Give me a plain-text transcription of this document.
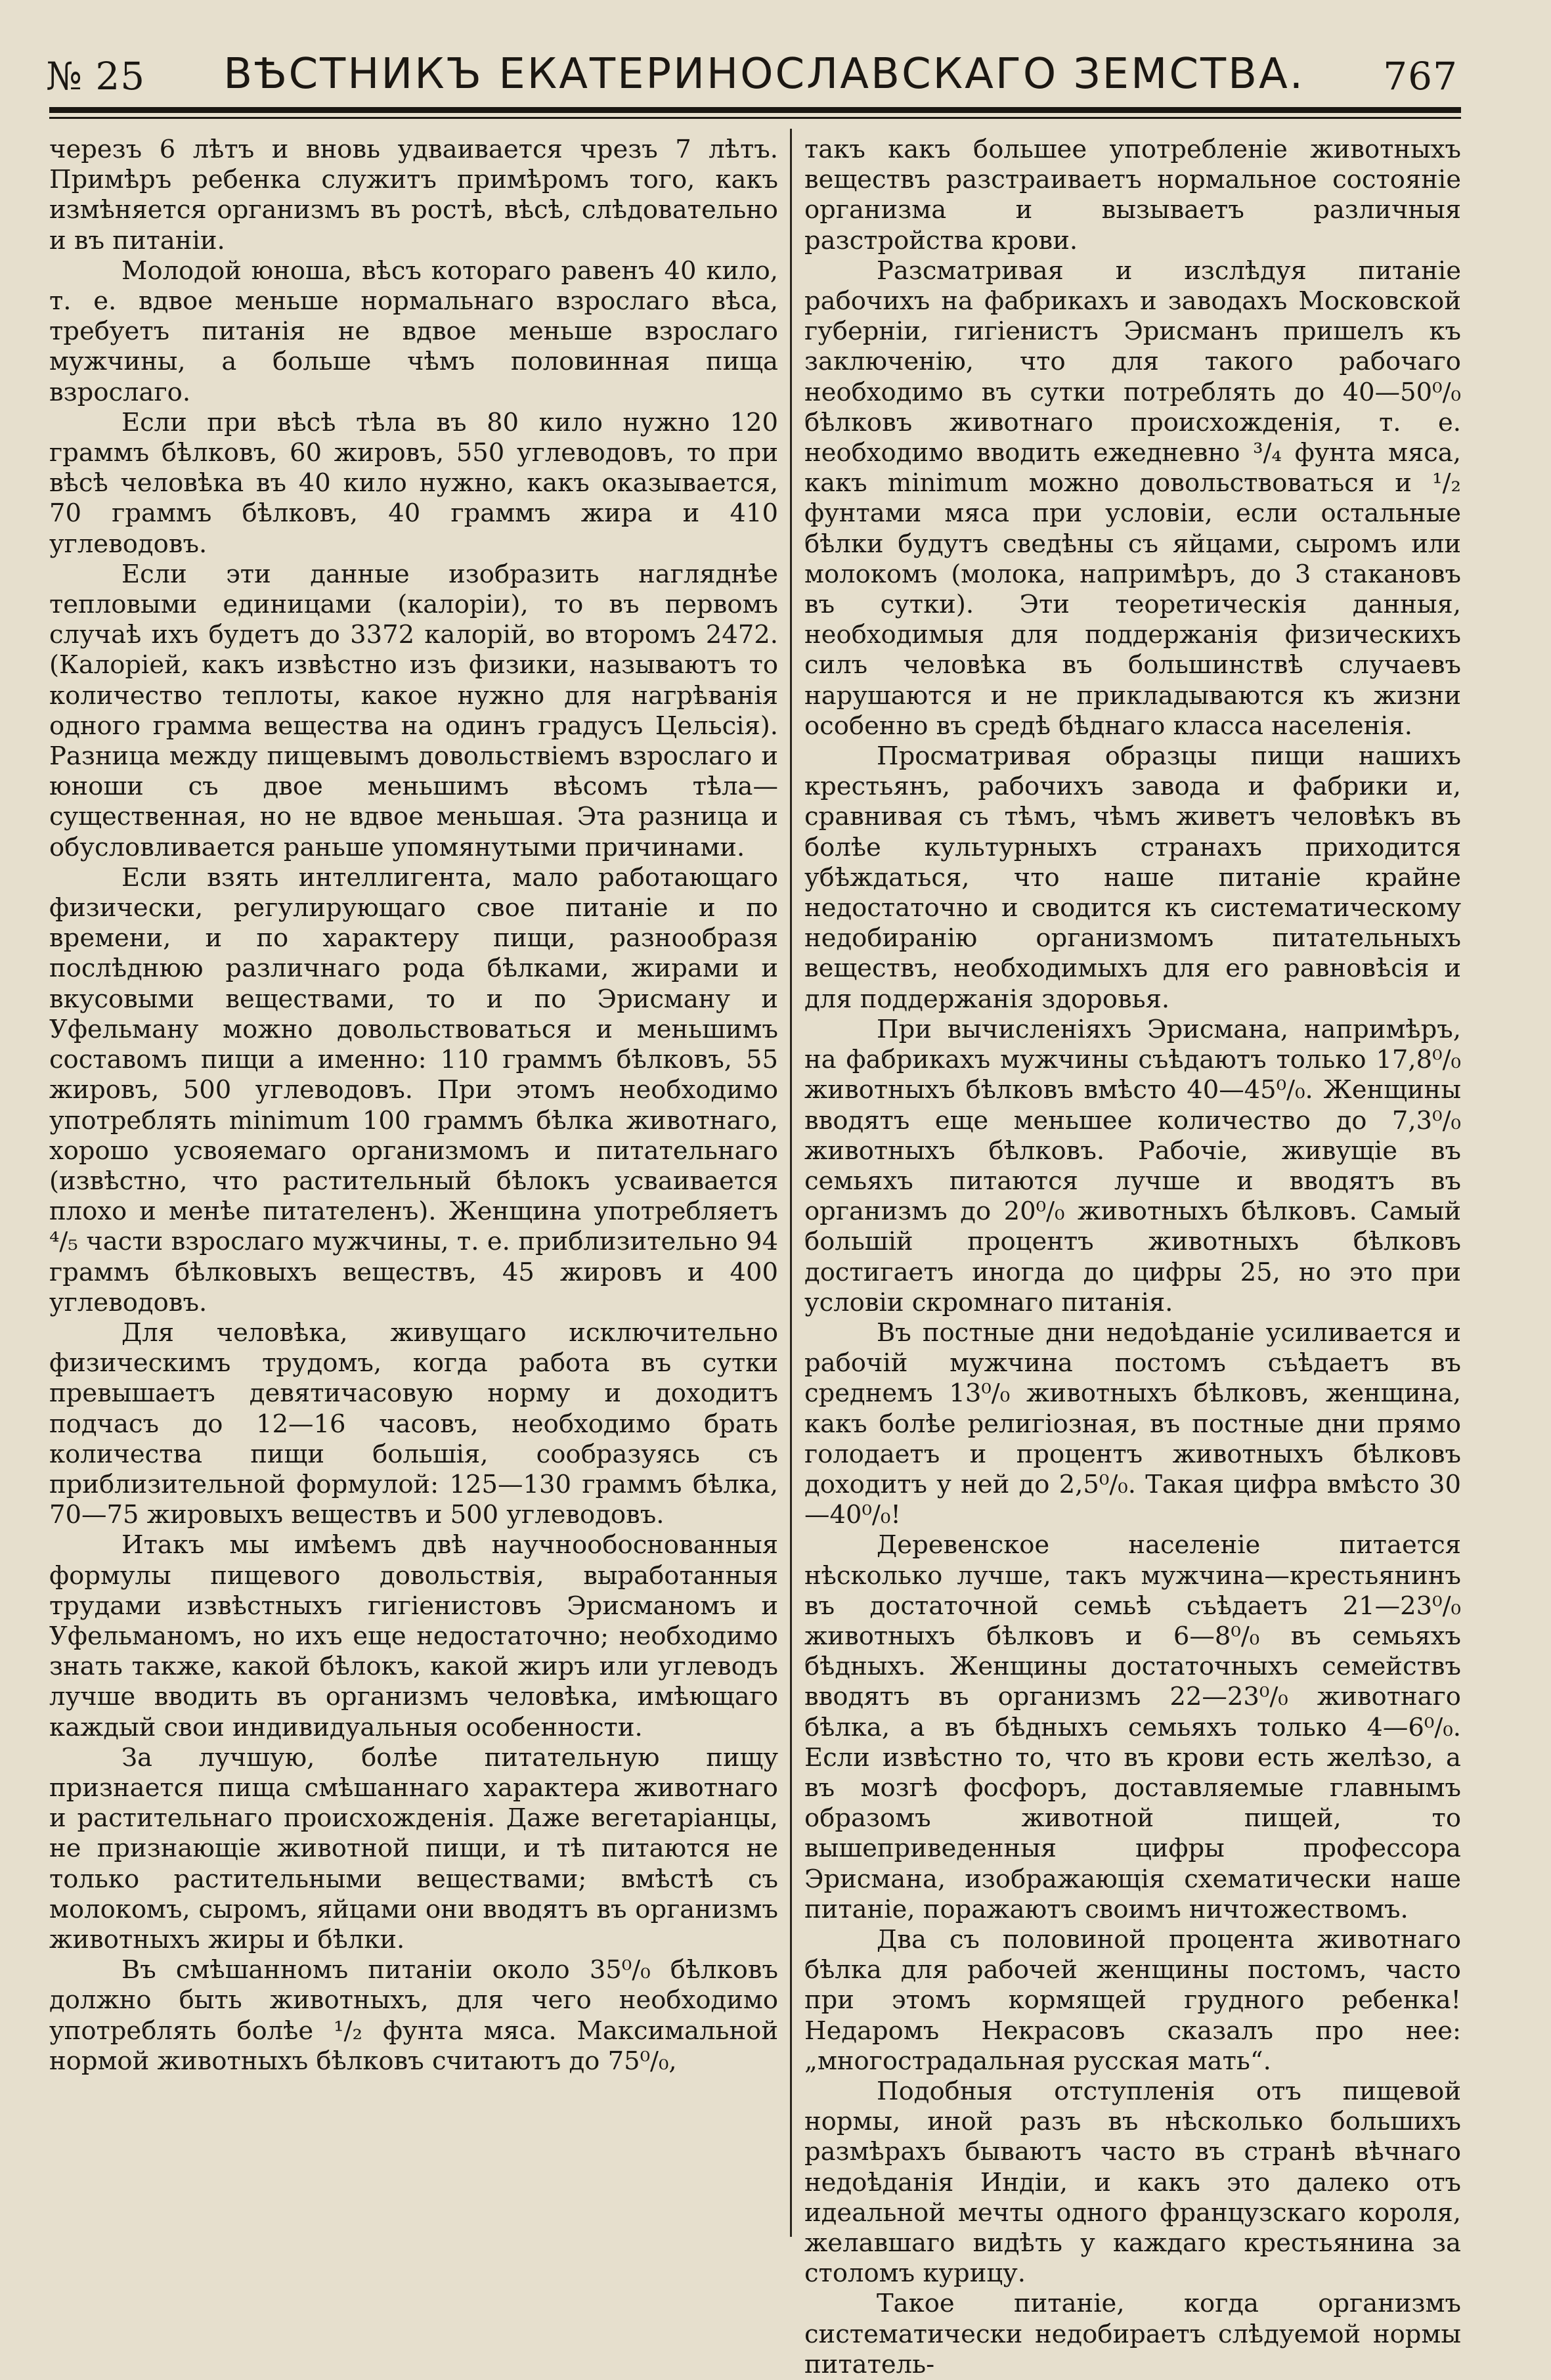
№ 25 ВѢСТНИКЪ ЕКАТЕРИНОСЛАВСКАГО ЗЕМСТВА. 767

черезъ 6 лѣтъ и вновь удваивается чрезъ 7 лѣтъ. Примѣръ ребенка служитъ примѣромъ того, какъ измѣняется организмъ въ ростѣ, вѣсѣ, слѣдовательно и въ питаніи.

Молодой юноша, вѣсъ котораго равенъ 40 кило, т. е. вдвое меньше нормальнаго взрослаго вѣса, требуетъ питанія не вдвое меньше взрослаго мужчины, а больше чѣмъ половинная пища взрослаго.

Если при вѣсѣ тѣла въ 80 кило нужно 120 граммъ бѣлковъ, 60 жировъ, 550 углеводовъ, то при вѣсѣ человѣка въ 40 кило нужно, какъ оказывается, 70 граммъ бѣлковъ, 40 граммъ жира и 410 углеводовъ.

Если эти данные изобразить нагляднѣе тепловыми единицами (калоріи), то въ первомъ случаѣ ихъ будетъ до 3372 калорій, во второмъ 2472. (Калоріей, какъ извѣстно изъ физики, называютъ то количество теплоты, какое нужно для нагрѣванія одного грамма вещества на одинъ градусъ Цельсія). Разница между пищевымъ довольствіемъ взрослаго и юноши съ двое меньшимъ вѣсомъ тѣла—существенная, но не вдвое меньшая. Эта разница и обусловливается раньше упомянутыми причинами.

Если взять интеллигента, мало работающаго физически, регулирующаго свое питаніе и по времени, и по характеру пищи, разнообразя послѣднюю различнаго рода бѣлками, жирами и вкусовыми веществами, то и по Эрисману и Уфельману можно довольствоваться и меньшимъ составомъ пищи а именно: 110 граммъ бѣлковъ, 55 жировъ, 500 углеводовъ. При этомъ необходимо употреблять minimum 100 граммъ бѣлка животнаго, хорошо усвояемаго организмомъ и питательнаго (извѣстно, что растительный бѣлокъ усваивается плохо и менѣе питателенъ). Женщина употребляетъ ⁴/₅ части взрослаго мужчины, т. е. приблизительно 94 граммъ бѣлковыхъ веществъ, 45 жировъ и 400 углеводовъ.

Для человѣка, живущаго исключительно физическимъ трудомъ, когда работа въ сутки превышаетъ девятичасовую норму и доходитъ подчасъ до 12—16 часовъ, необходимо брать количества пищи большія, сообразуясь съ приблизительной формулой: 125—130 граммъ бѣлка, 70—75 жировыхъ веществъ и 500 углеводовъ.

Итакъ мы имѣемъ двѣ научнообоснованныя формулы пищевого довольствія, выработанныя трудами извѣстныхъ гигіенистовъ Эрисманомъ и Уфельманомъ, но ихъ еще недостаточно; необходимо знать также, какой бѣлокъ, какой жиръ или углеводъ лучше вводить въ организмъ человѣка, имѣющаго каждый свои индивидуальныя особенности.

За лучшую, болѣе питательную пищу признается пища смѣшаннаго характера животнаго и растительнаго происхожденія. Даже вегетаріанцы, не признающіе животной пищи, и тѣ питаются не только растительными веществами; вмѣстѣ съ молокомъ, сыромъ, яйцами они вводятъ въ организмъ животныхъ жиры и бѣлки.

Въ смѣшанномъ питаніи около 35⁰/₀ бѣлковъ должно быть животныхъ, для чего необходимо употреблять болѣе ¹/₂ фунта мяса. Максимальной нормой животныхъ бѣлковъ считаютъ до 75⁰/₀,

такъ какъ большее употребленіе животныхъ веществъ разстраиваетъ нормальное состояніе организма и вызываетъ различныя разстройства крови.

Разсматривая и изслѣдуя питаніе рабочихъ на фабрикахъ и заводахъ Московской губерніи, гигіенистъ Эрисманъ пришелъ къ заключенію, что для такого рабочаго необходимо въ сутки потреблять до 40—50⁰/₀ бѣлковъ животнаго происхожденія, т. е. необходимо вводить ежедневно ³/₄ фунта мяса, какъ minimum можно довольствоваться и ¹/₂ фунтами мяса при условіи, если остальные бѣлки будутъ сведѣны съ яйцами, сыромъ или молокомъ (молока, напримѣръ, до 3 стакановъ въ сутки). Эти теоретическія данныя, необходимыя для поддержанія физическихъ силъ человѣка въ большинствѣ случаевъ нарушаются и не прикладываются къ жизни особенно въ средѣ бѣднаго класса населенія.

Просматривая образцы пищи нашихъ крестьянъ, рабочихъ завода и фабрики и, сравнивая съ тѣмъ, чѣмъ живетъ человѣкъ въ болѣе культурныхъ странахъ приходится убѣждаться, что наше питаніе крайне недостаточно и сводится къ систематическому недобиранію организмомъ питательныхъ веществъ, необходимыхъ для его равновѣсія и для поддержанія здоровья.

При вычисленіяхъ Эрисмана, напримѣръ, на фабрикахъ мужчины съѣдаютъ только 17,8⁰/₀ животныхъ бѣлковъ вмѣсто 40—45⁰/₀. Женщины вводятъ еще меньшее количество до 7,3⁰/₀ животныхъ бѣлковъ. Рабочіе, живущіе въ семьяхъ питаются лучше и вводятъ въ организмъ до 20⁰/₀ животныхъ бѣлковъ. Самый большій процентъ животныхъ бѣлковъ достигаетъ иногда до цифры 25, но это при условіи скромнаго питанія.

Въ постные дни недоѣданіе усиливается и рабочій мужчина постомъ съѣдаетъ въ среднемъ 13⁰/₀ животныхъ бѣлковъ, женщина, какъ болѣе религіозная, въ постные дни прямо голодаетъ и процентъ животныхъ бѣлковъ доходитъ у ней до 2,5⁰/₀. Такая цифра вмѣсто 30—40⁰/₀!

Деревенское населеніе питается нѣсколько лучше, такъ мужчина—крестьянинъ въ достаточной семьѣ съѣдаетъ 21—23⁰/₀ животныхъ бѣлковъ и 6—8⁰/₀ въ семьяхъ бѣдныхъ. Женщины достаточныхъ семействъ вводятъ въ организмъ 22—23⁰/₀ животнаго бѣлка, а въ бѣдныхъ семьяхъ только 4—6⁰/₀. Если извѣстно то, что въ крови есть желѣзо, а въ мозгѣ фосфоръ, доставляемые главнымъ образомъ животной пищей, то вышеприведенныя цифры профессора Эрисмана, изображающія схематически наше питаніе, поражаютъ своимъ ничтожествомъ.

Два съ половиной процента животнаго бѣлка для рабочей женщины постомъ, часто при этомъ кормящей грудного ребенка! Недаромъ Некрасовъ сказалъ про нее: „многострадальная русская мать“.

Подобныя отступленія отъ пищевой нормы, иной разъ въ нѣсколько большихъ размѣрахъ бываютъ часто въ странѣ вѣчнаго недоѣданія Индіи, и какъ это далеко отъ идеальной мечты одного французскаго короля, желавшаго видѣть у каждаго крестьянина за столомъ курицу.

Такое питаніе, когда организмъ систематически недобираетъ слѣдуемой нормы питатель-
